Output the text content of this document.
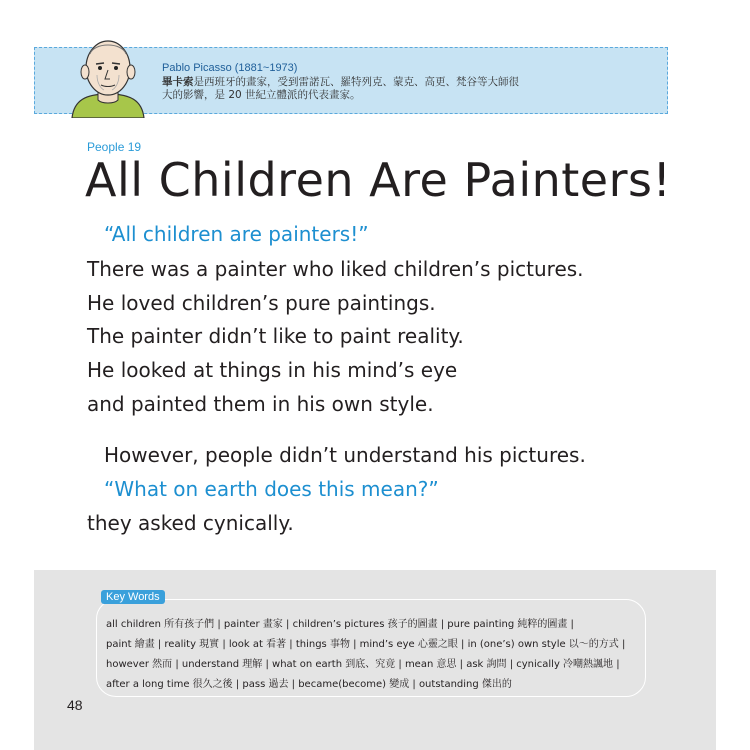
Pablo Picasso (1881~1973)
畢卡索是西班牙的畫家，受到雷諾瓦、羅特列克、蒙克、高更、梵谷等大師很
大的影響，是 20 世紀立體派的代表畫家。
People 19
All Children Are Painters!
“All children are painters!”
There was a painter who liked children’s pictures.
He loved children’s pure paintings.
The painter didn’t like to paint reality.
He looked at things in his mind’s eye
and painted them in his own style.
However, people didn’t understand his pictures.
“What on earth does this mean?”
they asked cynically.
Key Words
all children 所有孩子們 | painter 畫家 | children’s pictures 孩子的圖畫 | pure painting 純粹的圖畫 |
paint 繪畫 | reality 現實 | look at 看著 | things 事物 | mind’s eye 心靈之眼 | in (one’s) own style 以～的方式 |
however 然而 | understand 理解 | what on earth 到底、究竟 | mean 意思 | ask 詢問 | cynically 冷嘲熱諷地 |
after a long time 很久之後 | pass 過去 | became(become) 變成 | outstanding 傑出的
48
